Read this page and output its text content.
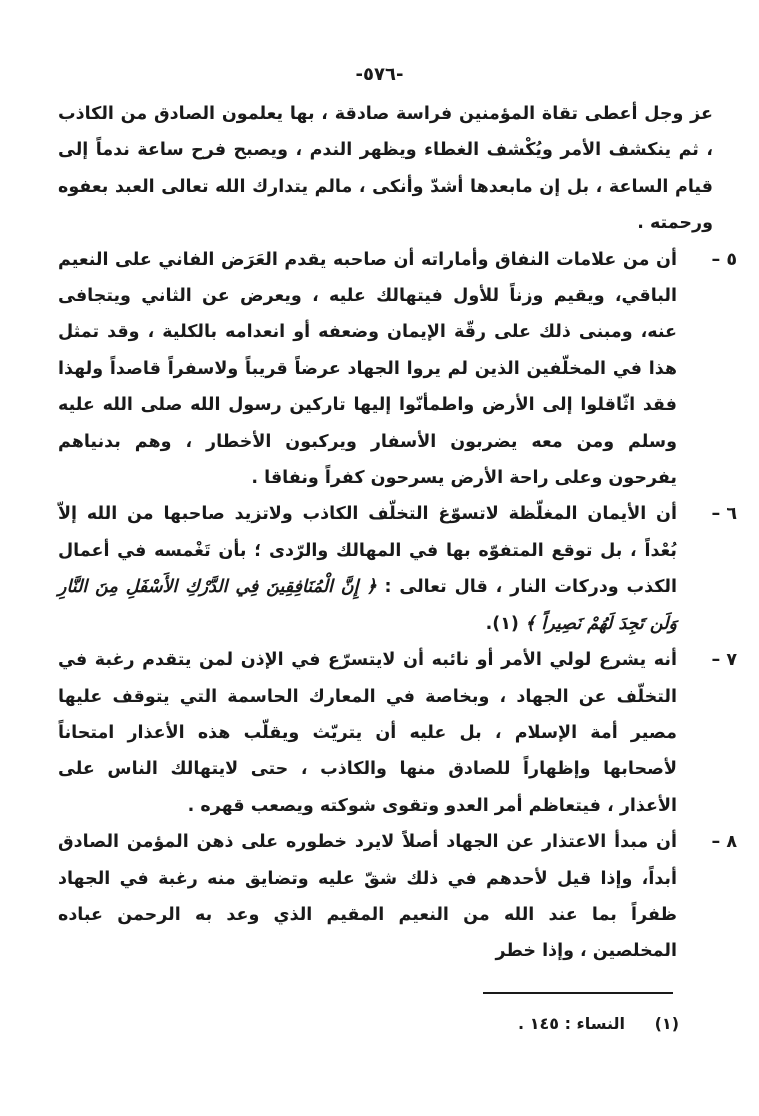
-٥٧٦-

عز وجل أعطى تقاة المؤمنين فراسة صادقة ، بها يعلمون الصادق من الكاذب ، ثم ينكشف الأمر ويُكْشف الغطاء ويظهر الندم ، ويصبح فرح ساعة ندماً إلى قيام الساعة ، بل إن مابعدها أشدّ وأنكى ، مالم يتدارك الله تعالى العبد بعفوه ورحمته .

٥ –
أن من علامات النفاق وأماراته أن صاحبه يقدم العَرَض الفاني على النعيم الباقي، ويقيم وزناً للأول فيتهالك عليه ، ويعرض عن الثاني ويتجافى عنه، ومبنى ذلك على رقّة الإيمان وضعفه أو انعدامه بالكلية ، وقد تمثل هذا في المخلّفين الذين لم يروا الجهاد عرضاً قريباً ولاسفراً قاصداً ولهذا فقد اثّاقلوا إلى الأرض واطمأنّوا إليها تاركين رسول الله صلى الله عليه وسلم ومن معه يضربون الأسفار ويركبون الأخطار ، وهم بدنياهم يفرحون وعلى راحة الأرض يسرحون كفراً ونفاقا .
٦ –
أن الأيمان المغلّظة لاتسوّغ التخلّف الكاذب ولاتزيد صاحبها من الله إلاّ بُعْداً ، بل توقع المتفوّه بها في المهالك والرّدى ؛ بأن تَغْمسه في أعمال الكذب ودركات النار ، قال تعالى : ﴿ إِنَّ الْمُنَافِقِينَ فِي الدَّرْكِ الأَسْفَلِ مِنَ النَّارِ وَلَن تَجِدَ لَهُمْ نَصِيراً ﴾ (١).
٧ –
أنه يشرع لولي الأمر أو نائبه أن لايتسرّع في الإذن لمن يتقدم رغبة في التخلّف عن الجهاد ، وبخاصة في المعارك الحاسمة التي يتوقف عليها مصير أمة الإسلام ، بل عليه أن يتريّث ويقلّب هذه الأعذار امتحاناً لأصحابها وإظهاراً للصادق منها والكاذب ، حتى لايتهالك الناس على الأعذار ، فيتعاظم أمر العدو وتقوى شوكته ويصعب قهره .
٨ –
أن مبدأ الاعتذار عن الجهاد أصلاً لايرد خطوره على ذهن المؤمن الصادق أبداً، وإذا قيل لأحدهم في ذلك شقّ عليه وتضايق منه رغبة في الجهاد ظفراً بما عند الله من النعيم المقيم الذي وعد به الرحمن عباده المخلصين ، وإذا خطر
(١) النساء : ١٤٥ .
